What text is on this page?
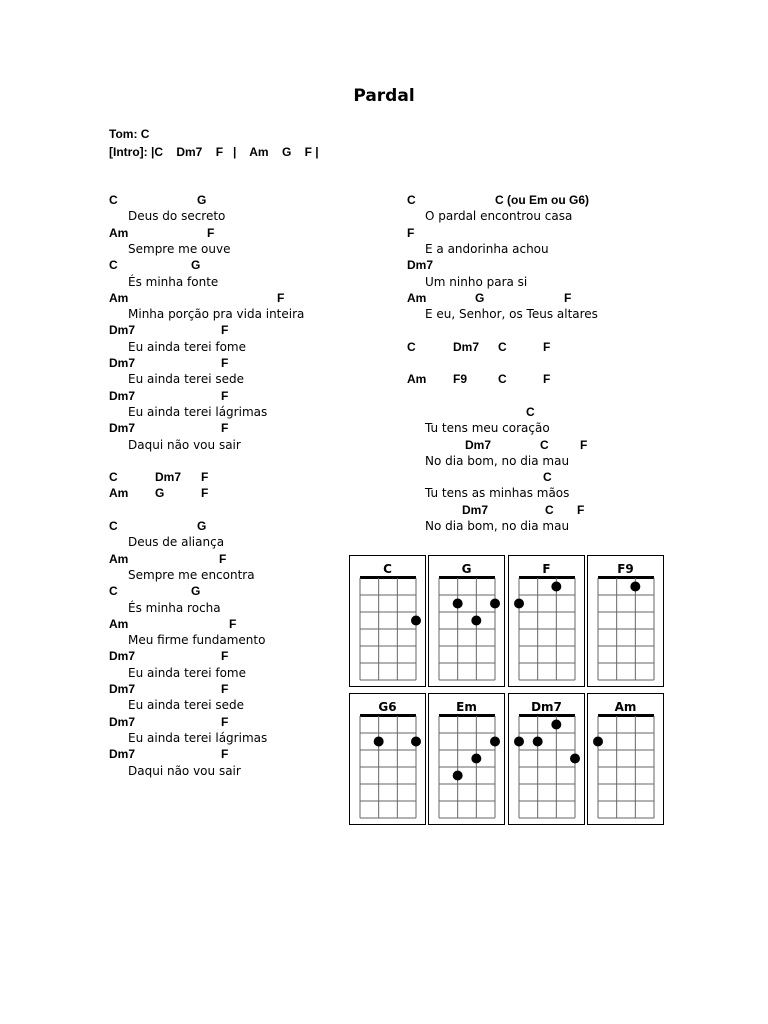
Pardal
Tom: C
[Intro]: |C    Dm7    F   |    Am    G    F |
C	G
Deus do secreto
Am	F
Sempre me ouve
C	G
És minha fonte
Am	F
Minha porção pra vida inteira
Dm7	F
Eu ainda terei fome
Dm7	F
Eu ainda terei sede
Dm7	F
Eu ainda terei lágrimas
Dm7	F
Daqui não vou sair
C	Dm7 F
Am G	F
C	G
Deus de aliança
Am	F
Sempre me encontra
C	G
És minha rocha
Am	F
Meu firme fundamento
Dm7	F
Eu ainda terei fome
Dm7	F
Eu ainda terei sede
Dm7	F
Eu ainda terei lágrimas
Dm7	F
Daqui não vou sair
C	C (ou Em ou G6)
O pardal encontrou casa
F
E a andorinha achou
Dm7
Um ninho para si
Am	G	F
E eu, Senhor, os Teus altares
C	Dm7 C	F
Am F9	C	F
C
Tu tens meu coração
Dm7	C	F
No dia bom, no dia mau
C
Tu tens as minhas mãos
Dm7	C F
No dia bom, no dia mau
C	G	F	F9
G6	Em	Dm7	Am
